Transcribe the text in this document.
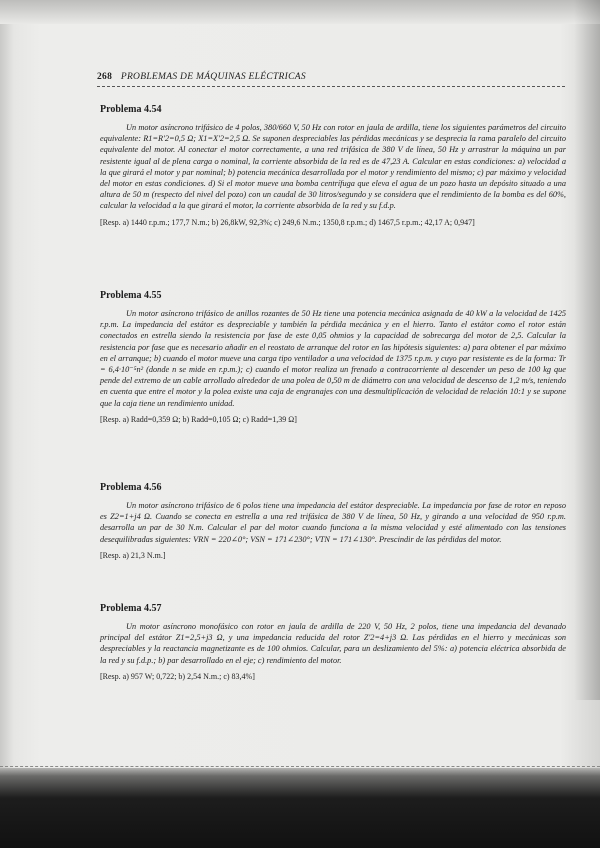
268 PROBLEMAS DE MÁQUINAS ELÉCTRICAS

Problema 4.54

Un motor asíncrono trifásico de 4 polos, 380/660 V, 50 Hz con rotor en jaula de ardilla, tiene los siguientes parámetros del circuito equivalente: R1=R'2=0,5 Ω; X1=X'2=2,5 Ω. Se suponen despreciables las pérdidas mecánicas y se desprecia la rama paralelo del circuito equivalente del motor. Al conectar el motor correctamente, a una red trifásica de 380 V de línea, 50 Hz y arrastrar la máquina un par resistente igual al de plena carga o nominal, la corriente absorbida de la red es de 47,23 A. Calcular en estas condiciones: a) velocidad a la que girará el motor y par nominal; b) potencia mecánica desarrollada por el motor y rendimiento del mismo; c) par máximo y velocidad del motor en estas condiciones. d) Si el motor mueve una bomba centrífuga que eleva el agua de un pozo hasta un depósito situado a una altura de 50 m (respecto del nivel del pozo) con un caudal de 30 litros/segundo y se considera que el rendimiento de la bomba es del 60%, calcular la velocidad a la que girará el motor, la corriente absorbida de la red y su f.d.p.

[Resp. a) 1440 r.p.m.; 177,7 N.m.; b) 26,8kW, 92,3%; c) 249,6 N.m.; 1350,8 r.p.m.; d) 1467,5 r.p.m.; 42,17 A; 0,947]

Problema 4.55

Un motor asíncrono trifásico de anillos rozantes de 50 Hz tiene una potencia mecánica asignada de 40 kW a la velocidad de 1425 r.p.m. La impedancia del estátor es despreciable y también la pérdida mecánica y en el hierro. Tanto el estátor como el rotor están conectados en estrella siendo la resistencia por fase de este 0,05 ohmios y la capacidad de sobrecarga del motor de 2,5. Calcular la resistencia por fase que es necesario añadir en el reostato de arranque del rotor en las hipótesis siguientes: a) para obtener el par máximo en el arranque; b) cuando el motor mueve una carga tipo ventilador a una velocidad de 1375 r.p.m. y cuyo par resistente es de la forma: Tr = 6,4·10⁻⁵n² (donde n se mide en r.p.m.); c) cuando el motor realiza un frenado a contracorriente al descender un peso de 100 kg que pende del extremo de un cable arrollado alrededor de una polea de 0,50 m de diámetro con una velocidad de descenso de 1,2 m/s, teniendo en cuenta que entre el motor y la polea existe una caja de engranajes con una desmultiplicación de velocidad de relación 10:1 y se supone que la caja tiene un rendimiento unidad.

[Resp. a) Radd=0,359 Ω; b) Radd=0,105 Ω; c) Radd=1,39 Ω]

Problema 4.56

Un motor asíncrono trifásico de 6 polos tiene una impedancia del estátor despreciable. La impedancia por fase de rotor en reposo es Z2=1+j4 Ω. Cuando se conecta en estrella a una red trifásica de 380 V de línea, 50 Hz, y girando a una velocidad de 950 r.p.m. desarrolla un par de 30 N.m. Calcular el par del motor cuando funciona a la misma velocidad y esté alimentado con las tensiones desequilibradas siguientes: VRN = 220∠0°; VSN = 171∠230°; VTN = 171∠130°. Prescindir de las pérdidas del motor.

[Resp. a) 21,3 N.m.]

Problema 4.57

Un motor asíncrono monofásico con rotor en jaula de ardilla de 220 V, 50 Hz, 2 polos, tiene una impedancia del devanado principal del estátor Z1=2,5+j3 Ω, y una impedancia reducida del rotor Z'2=4+j3 Ω. Las pérdidas en el hierro y mecánicas son despreciables y la reactancia magnetizante es de 100 ohmios. Calcular, para un deslizamiento del 5%: a) potencia eléctrica absorbida de la red y su f.d.p.; b) par desarrollado en el eje; c) rendimiento del motor.

[Resp. a) 957 W; 0,722; b) 2,54 N.m.; c) 83,4%]
